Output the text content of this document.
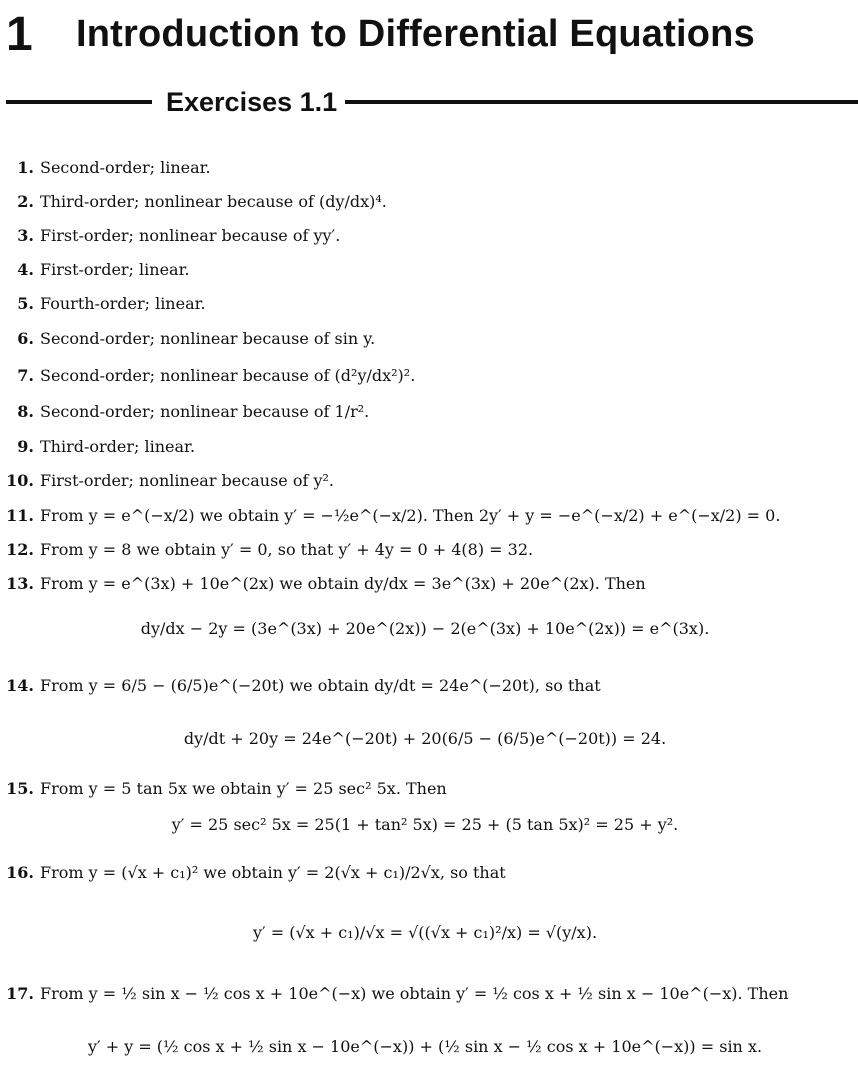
1	Introduction to Differential Equations
Exercises 1.1
1. Second-order; linear.
2. Third-order; nonlinear because of (dy/dx)⁴.
3. First-order; nonlinear because of yy′.
4. First-order; linear.
5. Fourth-order; linear.
6. Second-order; nonlinear because of sin y.
7. Second-order; nonlinear because of (d²y/dx²)².
8. Second-order; nonlinear because of 1/r².
9. Third-order; linear.
10. First-order; nonlinear because of y².
11. From y = e^(−x/2) we obtain y′ = −½e^(−x/2). Then 2y′ + y = −e^(−x/2) + e^(−x/2) = 0.
12. From y = 8 we obtain y′ = 0, so that y′ + 4y = 0 + 4(8) = 32.
13. From y = e^(3x) + 10e^(2x) we obtain dy/dx = 3e^(3x) + 20e^(2x). Then
dy/dx − 2y = (3e^(3x) + 20e^(2x)) − 2(e^(3x) + 10e^(2x)) = e^(3x).
14. From y = 6/5 − (6/5)e^(−20t) we obtain dy/dt = 24e^(−20t), so that
dy/dt + 20y = 24e^(−20t) + 20(6/5 − (6/5)e^(−20t)) = 24.
15. From y = 5 tan 5x we obtain y′ = 25 sec² 5x. Then
y′ = 25 sec² 5x = 25(1 + tan² 5x) = 25 + (5 tan 5x)² = 25 + y².
16. From y = (√x + c₁)² we obtain y′ = 2(√x + c₁)/2√x, so that
y′ = (√x + c₁)/√x = √((√x + c₁)²/x) = √(y/x).
17. From y = ½ sin x − ½ cos x + 10e^(−x) we obtain y′ = ½ cos x + ½ sin x − 10e^(−x). Then
y′ + y = (½ cos x + ½ sin x − 10e^(−x)) + (½ sin x − ½ cos x + 10e^(−x)) = sin x.
